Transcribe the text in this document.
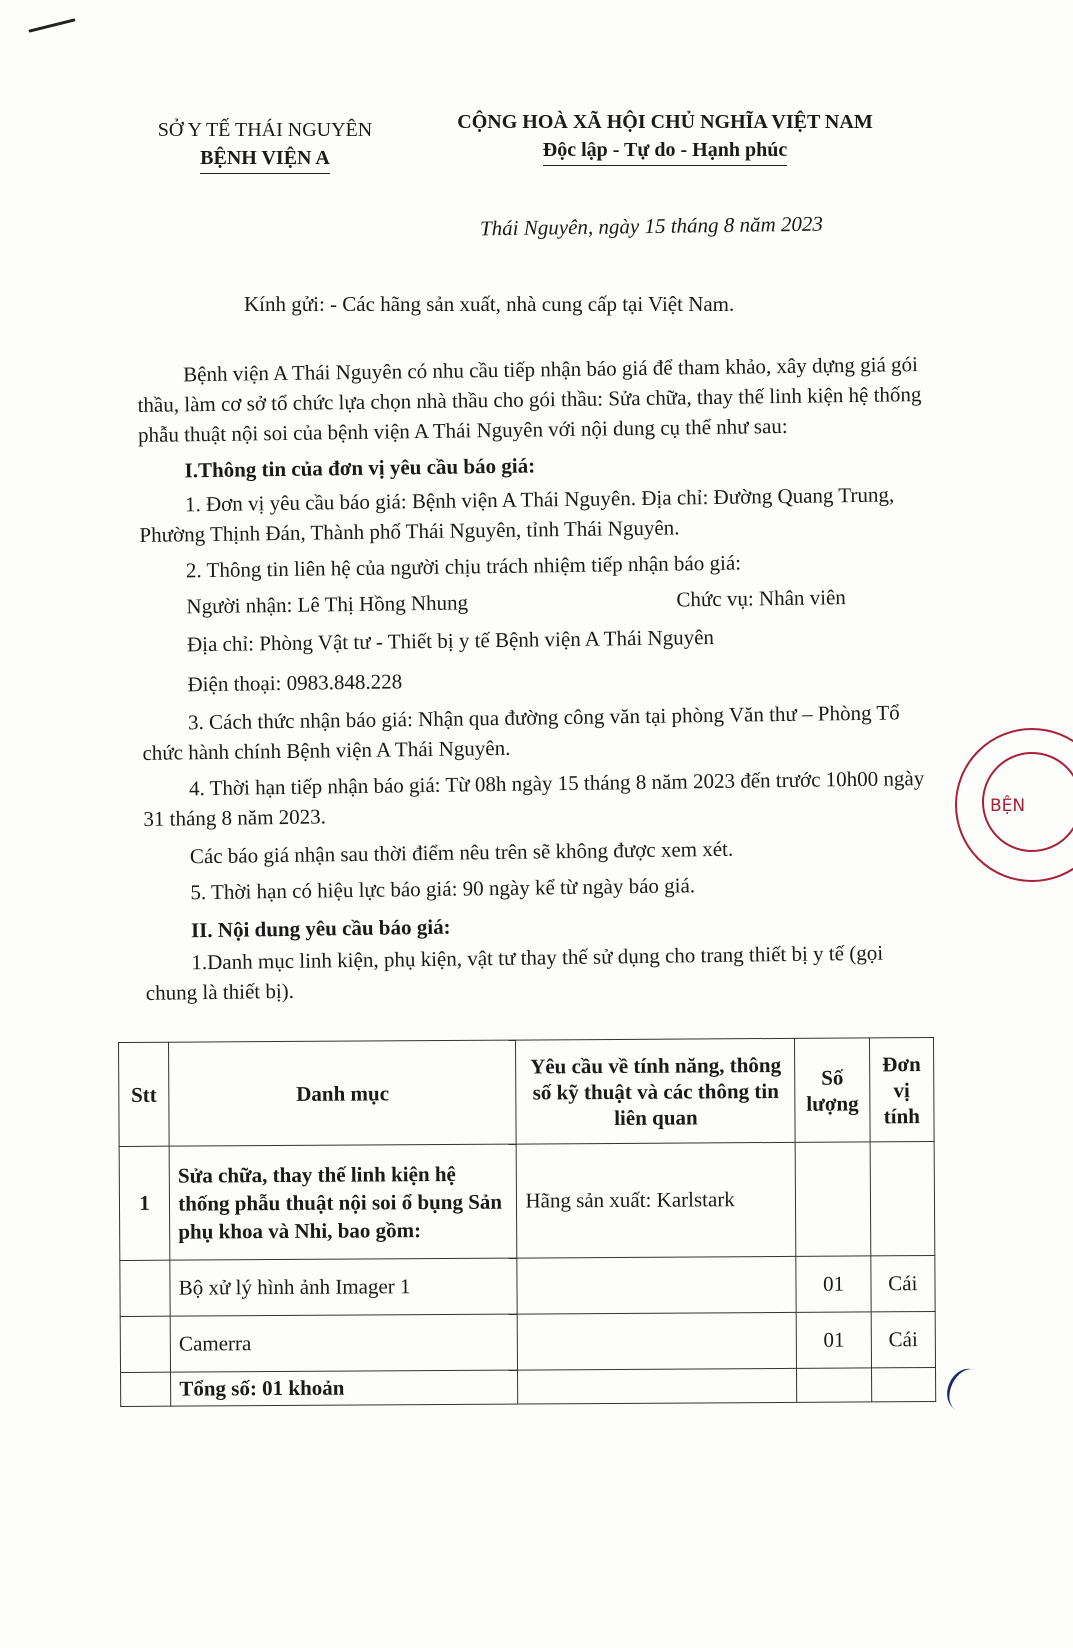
SỞ Y TẾ THÁI NGUYÊN
BỆNH VIỆN A
CỘNG HOÀ XÃ HỘI CHỦ NGHĨA VIỆT NAM
Độc lập - Tự do - Hạnh phúc
Thái Nguyên, ngày 15 tháng 8 năm 2023
Kính gửi: - Các hãng sản xuất, nhà cung cấp tại Việt Nam.

Bệnh viện A Thái Nguyên có nhu cầu tiếp nhận báo giá để tham khảo, xây dựng giá gói thầu, làm cơ sở tổ chức lựa chọn nhà thầu cho gói thầu: Sửa chữa, thay thế linh kiện hệ thống phẫu thuật nội soi của bệnh viện A Thái Nguyên với nội dung cụ thể như sau:

I.Thông tin của đơn vị yêu cầu báo giá:

1. Đơn vị yêu cầu báo giá: Bệnh viện A Thái Nguyên. Địa chỉ: Đường Quang Trung, Phường Thịnh Đán, Thành phố Thái Nguyên, tỉnh Thái Nguyên.

2. Thông tin liên hệ của người chịu trách nhiệm tiếp nhận báo giá:

Người nhận: Lê Thị Hồng Nhung	Chức vụ: Nhân viên

Địa chỉ: Phòng Vật tư - Thiết bị y tế Bệnh viện A Thái Nguyên

Điện thoại: 0983.848.228

3. Cách thức nhận báo giá: Nhận qua đường công văn tại phòng Văn thư – Phòng Tổ chức hành chính Bệnh viện A Thái Nguyên.

4. Thời hạn tiếp nhận báo giá: Từ 08h ngày 15 tháng 8 năm 2023 đến trước 10h00 ngày 31 tháng 8 năm 2023.

Các báo giá nhận sau thời điểm nêu trên sẽ không được xem xét.

5. Thời hạn có hiệu lực báo giá: 90 ngày kể từ ngày báo giá.

II. Nội dung yêu cầu báo giá:

1.Danh mục linh kiện, phụ kiện, vật tư thay thế sử dụng cho trang thiết bị y tế (gọi chung là thiết bị).

Stt	Danh mục	Yêu cầu về tính năng, thông số kỹ thuật và các thông tin liên quan	Số lượng	Đơn vị tính
1	Sửa chữa, thay thế linh kiện hệ thống phẫu thuật nội soi ổ bụng Sản phụ khoa và Nhi, bao gồm:	Hãng sản xuất: Karlstark		
	Bộ xử lý hình ảnh Imager 1		01	Cái
	Camerra		01	Cái
	Tổng số: 01 khoản			
BỆN
